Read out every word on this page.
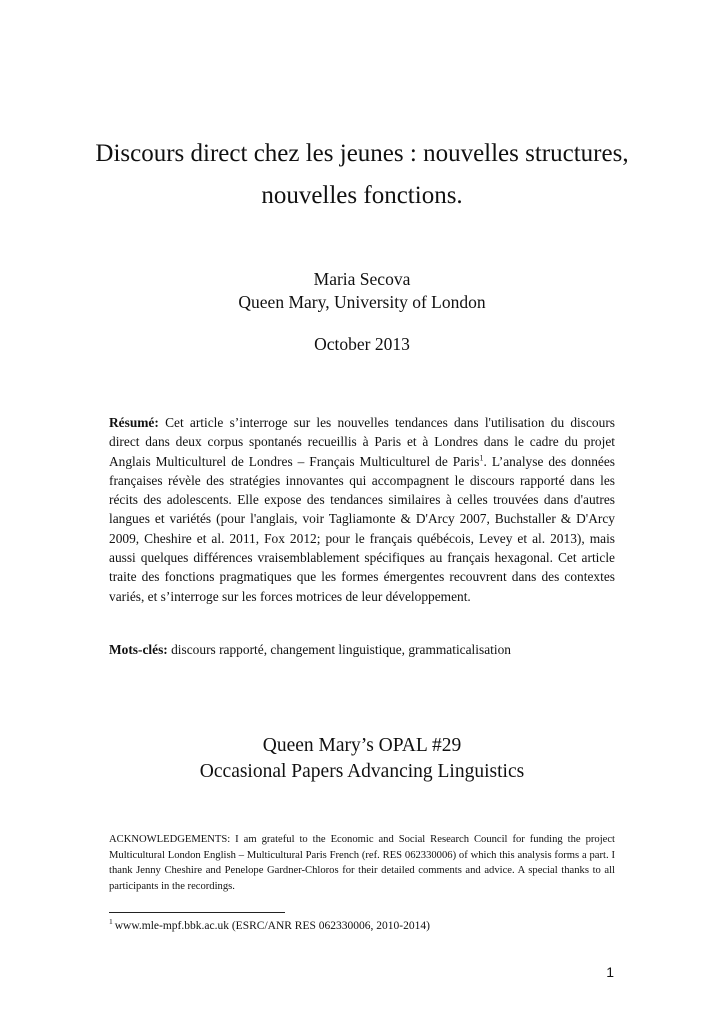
Discours direct chez les jeunes : nouvelles structures,
nouvelles fonctions.
Maria Secova
Queen Mary, University of London
October 2013

Résumé: Cet article s’interroge sur les nouvelles tendances dans l'utilisation du discours direct dans deux corpus spontanés recueillis à Paris et à Londres dans le cadre du projet Anglais Multiculturel de Londres – Français Multiculturel de Paris$^1$. L’analyse des données françaises révèle des stratégies innovantes qui accompagnent le discours rapporté dans les récits des adolescents. Elle expose des tendances similaires à celles trouvées dans d'autres langues et variétés (pour l'anglais, voir Tagliamonte & D'Arcy 2007, Buchstaller & D'Arcy 2009, Cheshire et al. 2011, Fox 2012; pour le français québécois, Levey et al. 2013), mais aussi quelques différences vraisemblablement spécifiques au français hexagonal. Cet article traite des fonctions pragmatiques que les formes émergentes recouvrent dans des contextes variés, et s’interroge sur les forces motrices de leur développement.

Mots-clés: discours rapporté, changement linguistique, grammaticalisation

Queen Mary’s OPAL #29
Occasional Papers Advancing Linguistics

ACKNOWLEDGEMENTS: I am grateful to the Economic and Social Research Council for funding the project Multicultural London English – Multicultural Paris French (ref. RES 062330006) of which this analysis forms a part. I thank Jenny Cheshire and Penelope Gardner-Chloros for their detailed comments and advice. A special thanks to all participants in the recordings.

$^1$ www.mle-mpf.bbk.ac.uk (ESRC/ANR RES 062330006, 2010-2014)

1
